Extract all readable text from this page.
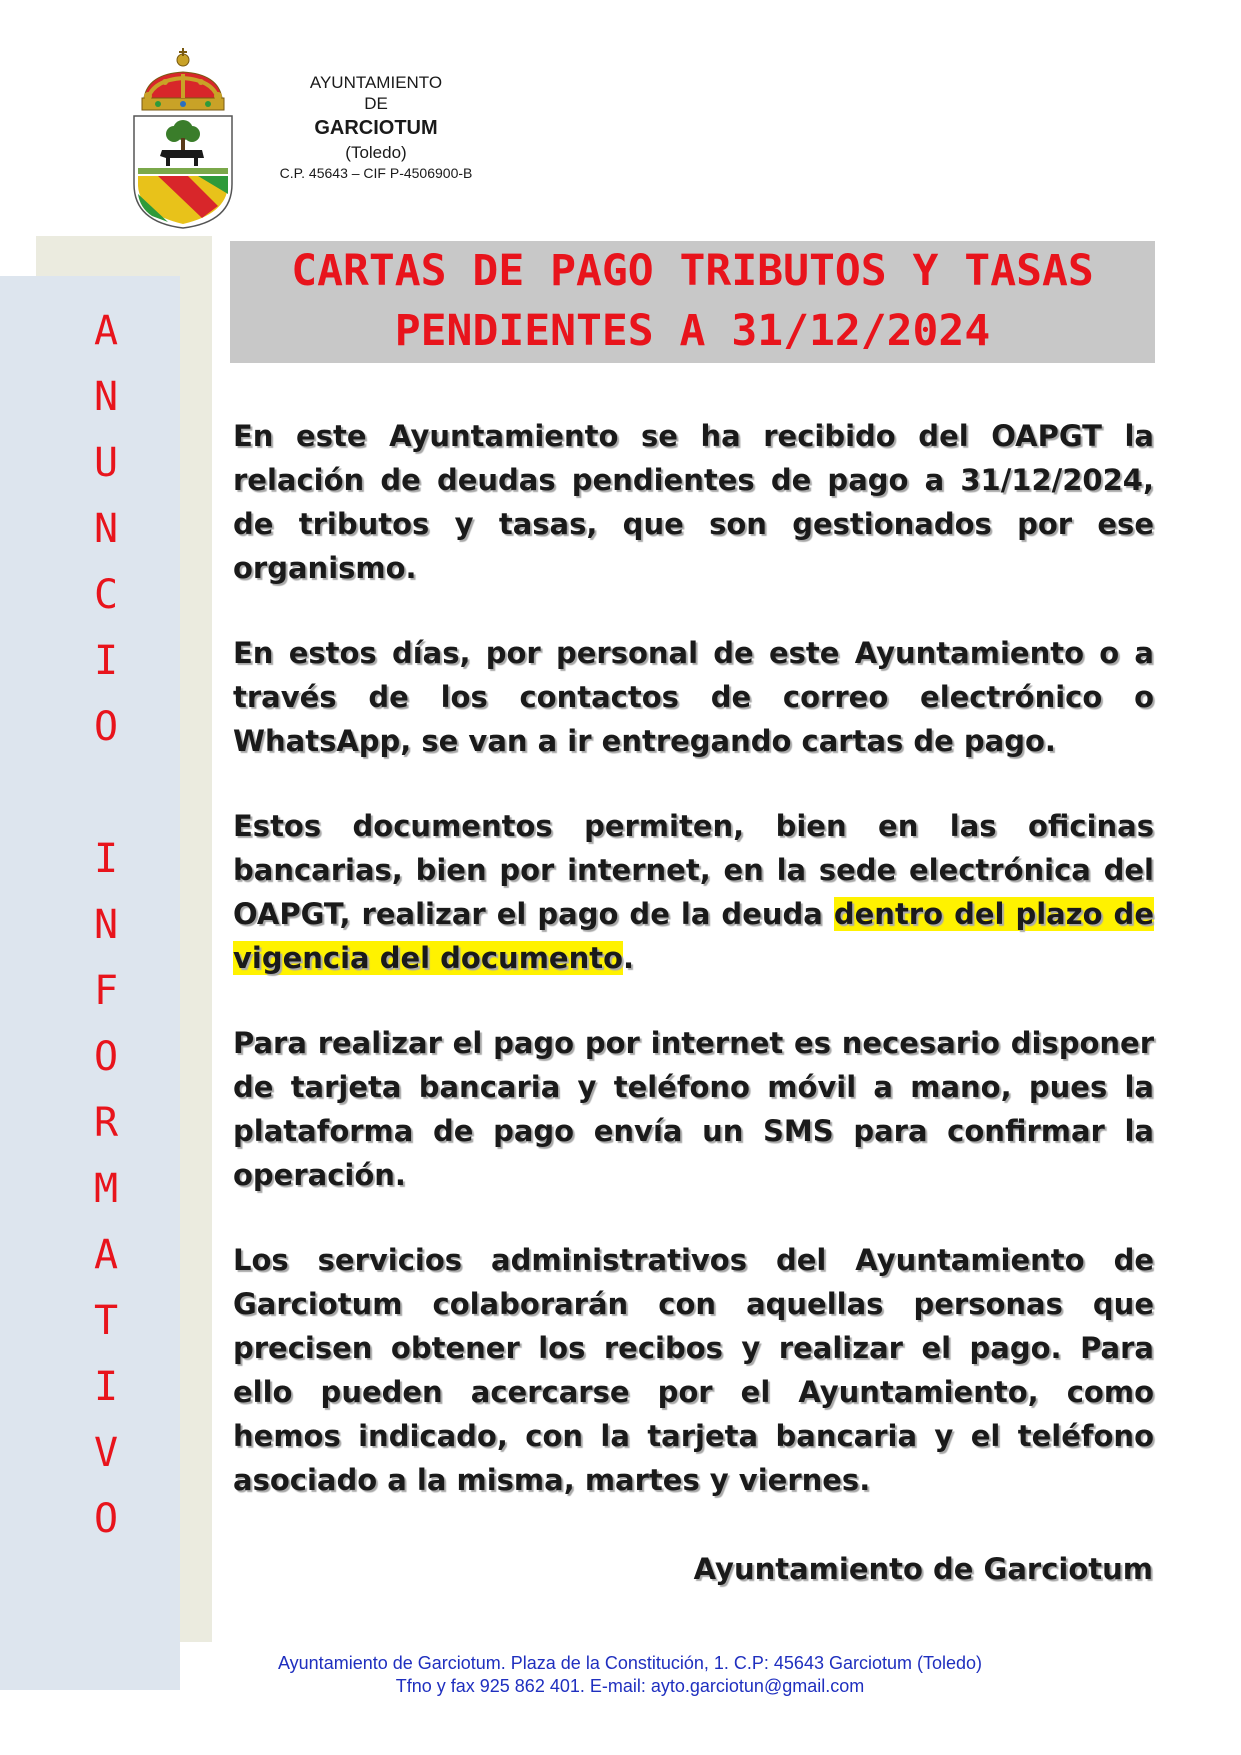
A
N
U
N
C
I
O
I
N
F
O
R
M
A
T
I
V
O
AYUNTAMIENTO
DE
GARCIOTUM
(Toledo)
C.P. 45643 – CIF P-4506900-B
CARTAS DE PAGO TRIBUTOS Y TASAS
PENDIENTES A 31/12/2024

En este Ayuntamiento se ha recibido del OAPGT la relación de deudas pendientes de pago a 31/12/2024, de tributos y tasas, que son gestionados por ese organismo.

En estos días, por personal de este Ayuntamiento o a través de los contactos de correo electrónico o WhatsApp, se van a ir entregando cartas de pago.

Estos documentos permiten, bien en las oficinas bancarias, bien por internet, en la sede electrónica del OAPGT, realizar el pago de la deuda dentro del plazo de vigencia del documento.

Para realizar el pago por internet es necesario disponer de tarjeta bancaria y teléfono móvil a mano, pues la plataforma de pago envía un SMS para confirmar la operación.

Los servicios administrativos del Ayuntamiento de Garciotum colaborarán con aquellas personas que precisen obtener los recibos y realizar el pago. Para ello pueden acercarse por el Ayuntamiento, como hemos indicado, con la tarjeta bancaria y el teléfono asociado a la misma, martes y viernes.

Ayuntamiento de Garciotum
Ayuntamiento de Garciotum. Plaza de la Constitución, 1. C.P: 45643 Garciotum (Toledo)
Tfno y fax 925 862 401. E-mail: ayto.garciotun@gmail.com
